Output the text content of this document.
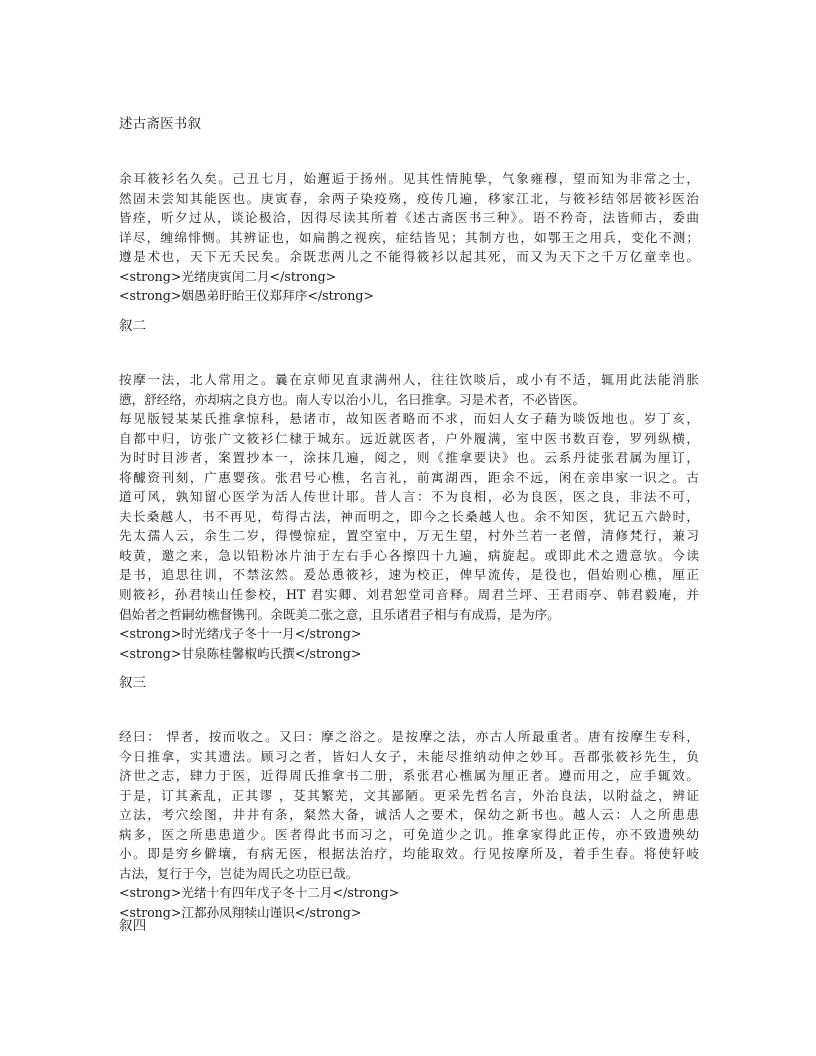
述古斋医书叙
余耳筱衫名久矣。己丑七月，始邂逅于扬州。见其性情肫挚，气象雍穆，望而知为非常之士，
然固未尝知其能医也。庚寅春，余两子染疫殇，疫传几遍，移家江北，与筱衫结邻居筱衫医治
皆痊，听夕过从，谈论极洽，因得尽读其所着《述古斋医书三种》。语不矜奇，法皆师古，委曲
详尽，缠绵悱恻。其辨证也，如扁鹊之视疾，症结皆见；其制方也，如鄂王之用兵，变化不测；
遵是术也，天下无夭民矣。余既悲两儿之不能得筱衫以起其死，而又为天下之千万亿童幸也。
<strong>光绪庚寅闰二月</strong>
<strong>姻愚弟盱眙王仪郑拜序</strong>
叙二
按摩一法，北人常用之。曩在京师见直隶满州人，往往饮啖后，或小有不适，辄用此法能消胀
懑，舒经络，亦却病之良方也。南人专以治小儿，名曰推拿。习是术者，不必皆医。
每见版锓某某氏推拿惊科，悬诸市，故知医者略而不求，而妇人女子藉为啖饭地也。岁丁亥，
自都中归，访张广文筱衫仁棣于城东。远近就医者，户外履满，室中医书数百卷，罗列纵横，
为时时目涉者，案置抄本一，涂抹几遍，阅之，则《推拿要诀》也。云系丹徒张君属为厘订，
将醵资刊刻，广惠婴孩。张君号心樵，名言礼，前寓湖西，距余不远，闲在亲串家一识之。古
道可风，孰知留心医学为活人传世计耶。昔人言：不为良相，必为良医，医之良，非法不可，
夫长桑越人，书不再见，苟得古法，神而明之，即今之长桑越人也。余不知医，犹记五六龄时，
先太孺人云，余生二岁，得慢惊症，置空室中，万无生望，村外兰若一老僧，清修梵行，兼习
岐黄，邀之来，急以铅粉冰片油于左右手心各擦四十九遍，病旋起。或即此术之遗意欤。今读
是书，追思往训，不禁泫然。爰怂恿筱衫，速为校正，俾早流传，是役也，倡始则心樵，厘正
则筱衫，孙君犊山任参校，HT 君实卿、刘君恕堂司音释。周君兰坪、王君雨亭、韩君毅庵，并
倡始者之哲嗣幼樵督镌刊。余既美二张之意，且乐诸君子相与有成焉，是为序。
<strong>时光绪戊子冬十一月</strong>
<strong>甘泉陈桂馨椒屿氏撰</strong>
叙三
经曰： 悍者，按而收之。又曰：摩之浴之。是按摩之法，亦古人所最重者。唐有按摩生专科，
今日推拿，实其遗法。顾习之者，皆妇人女子，未能尽推纳动伸之妙耳。吾郡张筱衫先生，负
济世之志，肆力于医，近得周氏推拿书二册，系张君心樵属为厘正者。遵而用之，应手辄效。
于是，订其紊乱，正其谬 ，芟其繁芜，文其鄙陋。更采先哲名言，外治良法，以附益之，辨证
立法，考穴绘图，井井有条，粲然大备，诚活人之要术，保幼之新书也。越人云：人之所患患
病多，医之所患患道少。医者得此书而习之，可免道少之讥。推拿家得此正传，亦不致遗殃幼
小。即是穷乡僻壤，有病无医，根据法治疗，均能取效。行见按摩所及，着手生春。将使轩岐
古法，复行于今，岂徒为周氏之功臣已哉。
<strong>光绪十有四年戊子冬十二月</strong>
<strong>江都孙凤翔犊山谨识</strong>
叙四
